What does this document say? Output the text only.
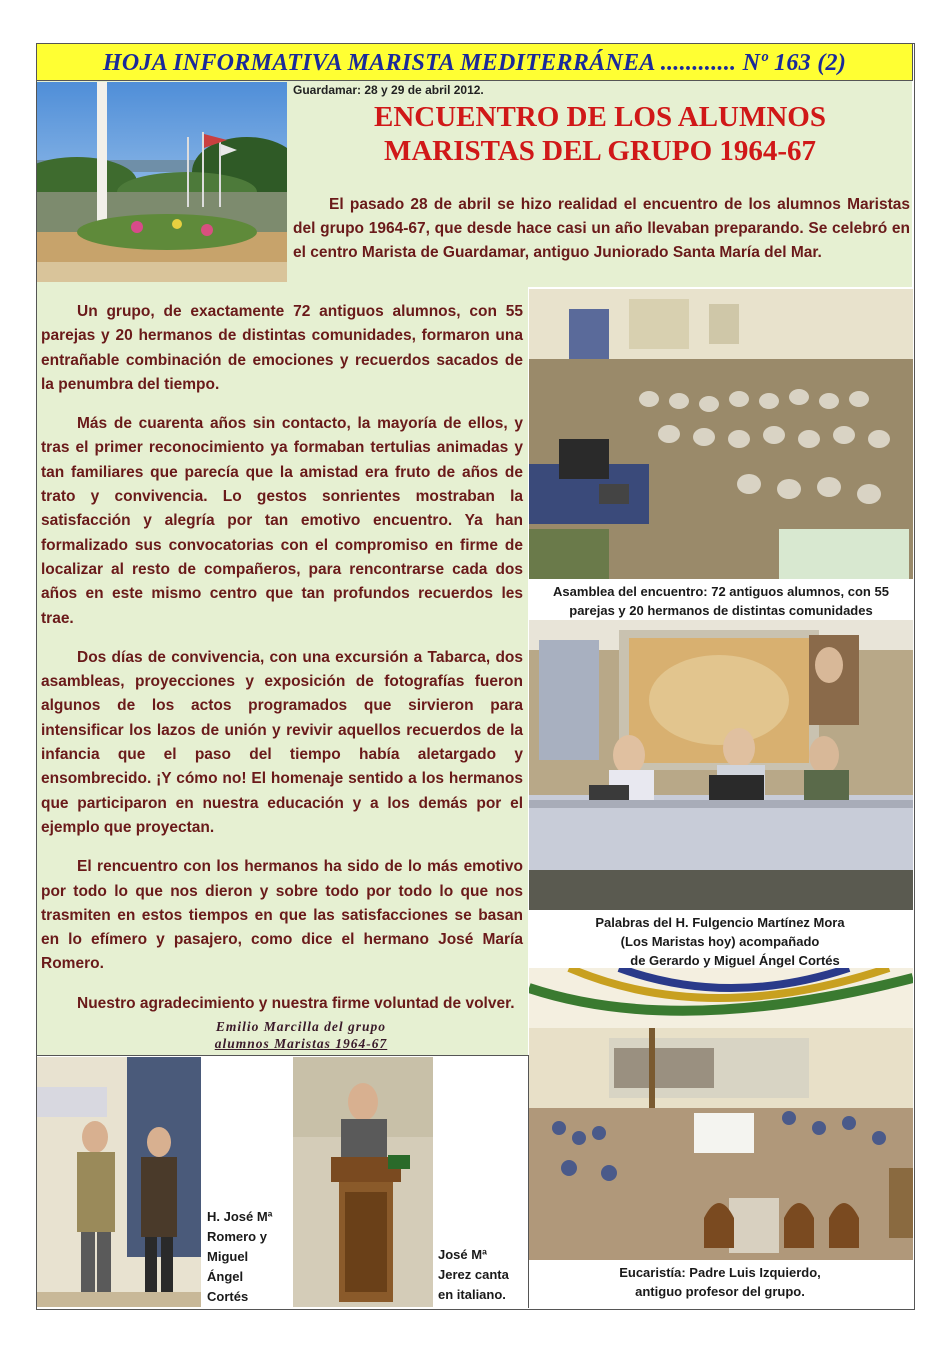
HOJA INFORMATIVA MARISTA MEDITERRÁNEA ............ Nº 163 (2)
Guardamar: 28 y 29 de abril 2012.
ENCUENTRO DE LOS ALUMNOS
MARISTAS DEL GRUPO 1964-67

El pasado 28 de abril se hizo realidad el encuentro de los alumnos Maristas del grupo 1964-67, que desde hace casi un año llevaban preparando. Se celebró en el centro Marista de Guardamar, antiguo Juniorado Santa María del Mar.

Un grupo, de exactamente 72 antiguos alumnos, con 55 parejas y 20 hermanos de distintas comunidades, formaron una entrañable combinación de emociones y recuerdos sacados de la penumbra del tiempo.

Más de cuarenta años sin contacto, la mayoría de ellos, y tras el primer reconocimiento ya formaban tertulias animadas y tan familiares que parecía que la amistad era fruto de años de trato y convivencia. Lo gestos sonrientes mostraban la satisfacción y alegría por tan emotivo encuentro. Ya han formalizado sus convocatorias con el compromiso en firme de localizar al resto de compañeros, para rencontrarse cada dos años en este mismo centro que tan profundos recuerdos les trae.

Dos días de convivencia, con una excursión a Tabarca, dos asambleas, proyecciones y exposición de fotografías fueron algunos de los actos programados que sirvieron para intensificar los lazos de unión y revivir aquellos recuerdos de la infancia que el paso del tiempo había aletargado y ensombrecido. ¡Y cómo no! El homenaje sentido a los hermanos que participaron en nuestra educación y a los demás por el ejemplo que proyectan.

El rencuentro con los hermanos ha sido de lo más emotivo por todo lo que nos dieron y sobre todo por todo lo que nos trasmiten en estos tiempos en que las satisfacciones se basan en lo efímero y pasajero, como dice el hermano José María Romero.

Nuestro agradecimiento y nuestra firme voluntad de volver.

Emilio Marcilla del grupo
alumnos Maristas 1964-67
Asamblea del encuentro: 72 antiguos alumnos, con 55
parejas y 20 hermanos de distintas comunidades
Palabras del H. Fulgencio Martínez Mora
(Los Maristas hoy) acompañado
de Gerardo y Miguel Ángel Cortés
Eucaristía: Padre Luis Izquierdo,
antiguo profesor del grupo.
H. José Mª
Romero y
Miguel
Ángel
Cortés
José Mª
Jerez canta
en italiano.
